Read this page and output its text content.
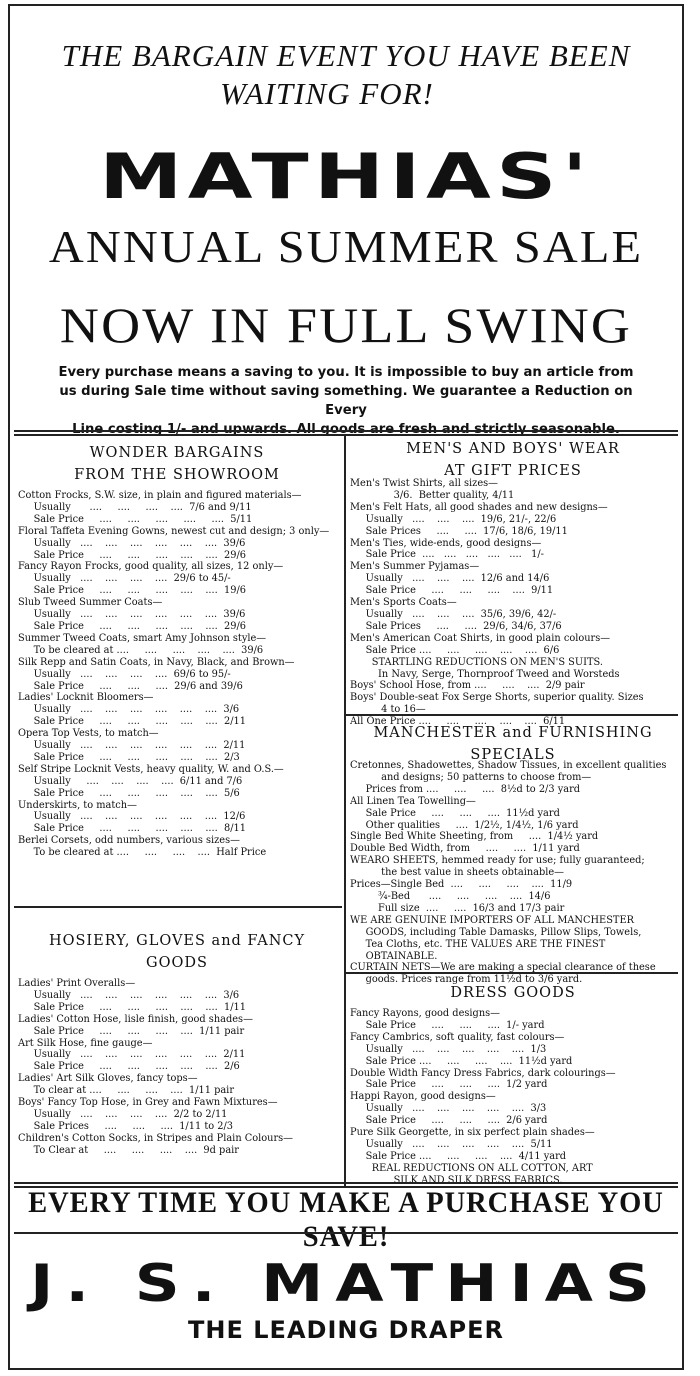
THE BARGAIN EVENT YOU HAVE BEEN
WAITING FOR!
MATHIAS'
ANNUAL SUMMER SALE
NOW IN FULL SWING
Every purchase means a saving to you. It is impossible to buy an article from
us during Sale time without saving something. We guarantee a Reduction on Every
Line costing 1/- and upwards. All goods are fresh and strictly seasonable.
WONDER BARGAINS
FROM THE SHOWROOM
Cotton Frocks, S.W. size, in plain and figured materials—
Usually      ....     ....     ....    ....  7/6 and 9/11
Sale Price     ....     ....     ....     ....     ....  5/11
Floral Taffeta Evening Gowns, newest cut and design; 3 only—
Usually   ....    ....    ....    ....    ....    ....  39/6
Sale Price     ....     ....     ....    ....    ....  29/6
Fancy Rayon Frocks, good quality, all sizes, 12 only—
Usually   ....    ....    ....    ....  29/6 to 45/-
Sale Price     ....     ....     ....    ....    ....  19/6
Slub Tweed Summer Coats—
Usually   ....    ....    ....    ....    ....    ....  39/6
Sale Price     ....     ....     ....    ....    ....  29/6
Summer Tweed Coats, smart Amy Johnson style—
To be cleared at ....     ....     ....    ....    ....  39/6
Silk Repp and Satin Coats, in Navy, Black, and Brown—
Usually   ....    ....    ....    ....  69/6 to 95/-
Sale Price     ....     ....     ....  29/6 and 39/6
Ladies' Locknit Bloomers—
Usually   ....    ....    ....    ....    ....    ....  3/6
Sale Price     ....     ....     ....    ....    ....  2/11
Opera Top Vests, to match—
Usually   ....    ....    ....    ....    ....    ....  2/11
Sale Price     ....     ....     ....    ....    ....  2/3
Self Stripe Locknit Vests, heavy quality, W. and O.S.—
Usually     ....    ....    ....    ....  6/11 and 7/6
Sale Price     ....     ....     ....    ....    ....  5/6
Underskirts, to match—
Usually   ....    ....    ....    ....    ....    ....  12/6
Sale Price     ....     ....     ....    ....    ....  8/11
Berlei Corsets, odd numbers, various sizes—
To be cleared at ....     ....     ....    ....  Half Price
HOSIERY, GLOVES and FANCY
GOODS
Ladies' Print Overalls—
Usually   ....    ....    ....    ....    ....    ....  3/6
Sale Price     ....     ....     ....    ....    ....  1/11
Ladies' Cotton Hose, lisle finish, good shades—
Sale Price     ....     ....     ....    ....  1/11 pair
Art Silk Hose, fine gauge—
Usually   ....    ....    ....    ....    ....    ....  2/11
Sale Price     ....     ....     ....    ....    ....  2/6
Ladies' Art Silk Gloves, fancy tops—
To clear at ....     ....     ....    ....  1/11 pair
Boys' Fancy Top Hose, in Grey and Fawn Mixtures—
Usually   ....    ....    ....    ....  2/2 to 2/11
Sale Prices     ....     ....     ....  1/11 to 2/3
Children's Cotton Socks, in Stripes and Plain Colours—
To Clear at     ....     ....     ....    ....  9d pair
MEN'S AND BOYS' WEAR
AT GIFT PRICES
Men's Twist Shirts, all sizes—
3/6.  Better quality, 4/11
Men's Felt Hats, all good shades and new designs—
Usually   ....    ....    ....  19/6, 21/-, 22/6
Sale Prices     ....     ....  17/6, 18/6, 19/11
Men's Ties, wide-ends, good designs—
Sale Price  ....   ....   ....   ....   ....   1/-
Men's Summer Pyjamas—
Usually   ....    ....    ....  12/6 and 14/6
Sale Price     ....     ....     ....    ....  9/11
Men's Sports Coats—
Usually   ....    ....    ....  35/6, 39/6, 42/-
Sale Prices     ....     ....  29/6, 34/6, 37/6
Men's American Coat Shirts, in good plain colours—
Sale Price ....     ....     ....    ....    ....  6/6
STARTLING REDUCTIONS ON MEN'S SUITS.
In Navy, Serge, Thornproof Tweed and Worsteds
Boys' School Hose, from ....     ....    ....  2/9 pair
Boys' Double-seat Fox Serge Shorts, superior quality. Sizes
4 to 16—
All One Price ....     ....     ....    ....    ....  6/11
MANCHESTER and FURNISHING
SPECIALS
Cretonnes, Shadowettes, Shadow Tissues, in excellent qualities
and designs; 50 patterns to choose from—
Prices from ....     ....     ....  8½d to 2/3 yard
All Linen Tea Towelling—
Sale Price     ....     ....     ....  11½d yard
Other qualities     ....  1/2½, 1/4½, 1/6 yard
Single Bed White Sheeting, from     ....  1/4½ yard
Double Bed Width, from     ....     ....  1/11 yard
WEARO SHEETS, hemmed ready for use; fully guaranteed;
the best value in sheets obtainable—
Prices—Single Bed  ....     ....     ....    ....  11/9
¾-Bed      ....     ....     ....    ....  14/6
Full size  ....     ....  16/3 and 17/3 pair
WE ARE GENUINE IMPORTERS OF ALL MANCHESTER
GOODS, including Table Damasks, Pillow Slips, Towels,
Tea Cloths, etc. THE VALUES ARE THE FINEST
OBTAINABLE.
CURTAIN NETS—We are making a special clearance of these
goods. Prices range from 11½d to 3/6 yard.
DRESS GOODS
Fancy Rayons, good designs—
Sale Price     ....     ....     ....  1/- yard
Fancy Cambrics, soft quality, fast colours—
Usually   ....    ....    ....    ....    ....  1/3
Sale Price ....     ....     ....    ....  11½d yard
Double Width Fancy Dress Fabrics, dark colourings—
Sale Price     ....     ....     ....  1/2 yard
Happi Rayon, good designs—
Usually   ....    ....    ....    ....    ....  3/3
Sale Price     ....     ....     ....  2/6 yard
Pure Silk Georgette, in six perfect plain shades—
Usually   ....    ....    ....    ....    ....  5/11
Sale Price ....     ....     ....    ....  4/11 yard
REAL REDUCTIONS ON ALL COTTON, ART
SILK AND SILK DRESS FABRICS.
EVERY TIME YOU MAKE A PURCHASE YOU SAVE!
J. S. MATHIAS
THE LEADING DRAPER
